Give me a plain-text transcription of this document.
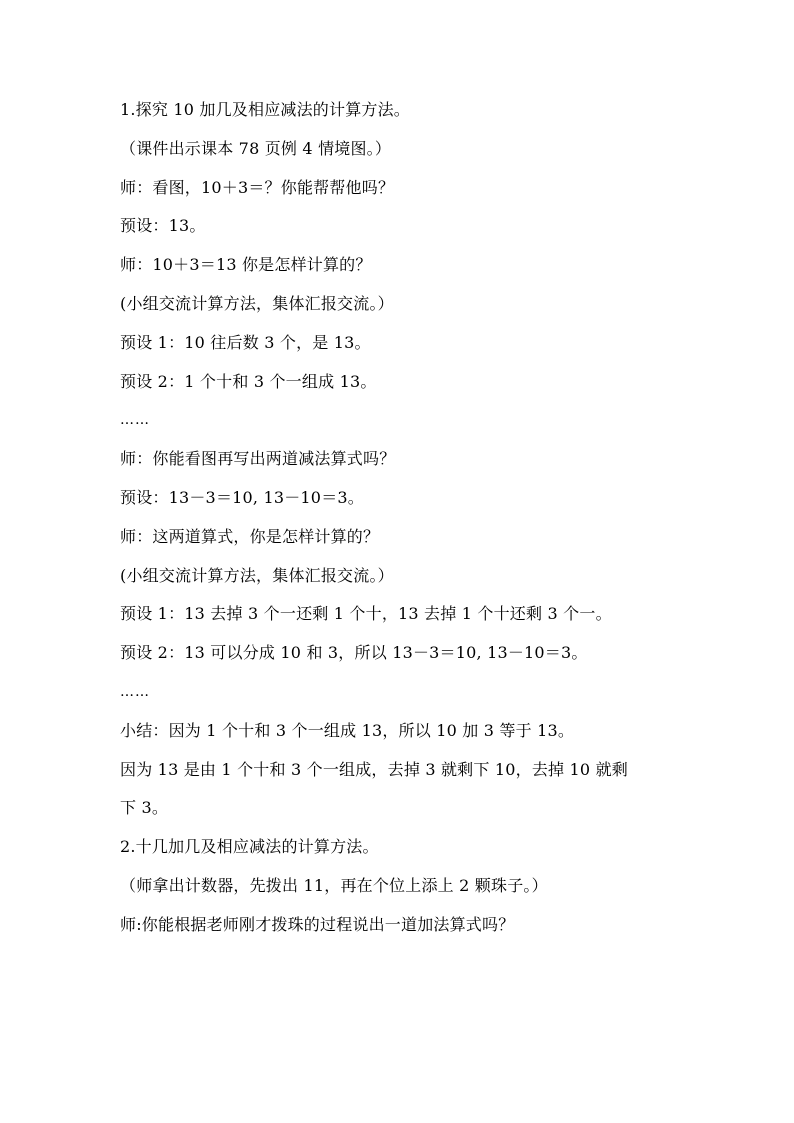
1.探究 10 加几及相应减法的计算方法。
（课件出示课本 78 页例 4 情境图。）
师：看图，10＋3＝？你能帮帮他吗？
预设：13。
师：10＋3＝13 你是怎样计算的？
(小组交流计算方法，集体汇报交流。）
预设 1：10 往后数 3 个，是 13。
预设 2：1 个十和 3 个一组成 13。
……
师：你能看图再写出两道减法算式吗？
预设：13－3＝10, 13－10＝3。
师：这两道算式，你是怎样计算的？
(小组交流计算方法，集体汇报交流。）
预设 1：13 去掉 3 个一还剩 1 个十，13 去掉 1 个十还剩 3 个一。
预设 2：13 可以分成 10 和 3，所以 13－3＝10, 13－10＝3。
……
小结：因为 1 个十和 3 个一组成 13，所以 10 加 3 等于 13。
因为 13 是由 1 个十和 3 个一组成，去掉 3 就剩下 10，去掉 10 就剩
下 3。
2.十几加几及相应减法的计算方法。
（师拿出计数器，先拨出 11，再在个位上添上 2 颗珠子。）
师:你能根据老师刚才拨珠的过程说出一道加法算式吗？
